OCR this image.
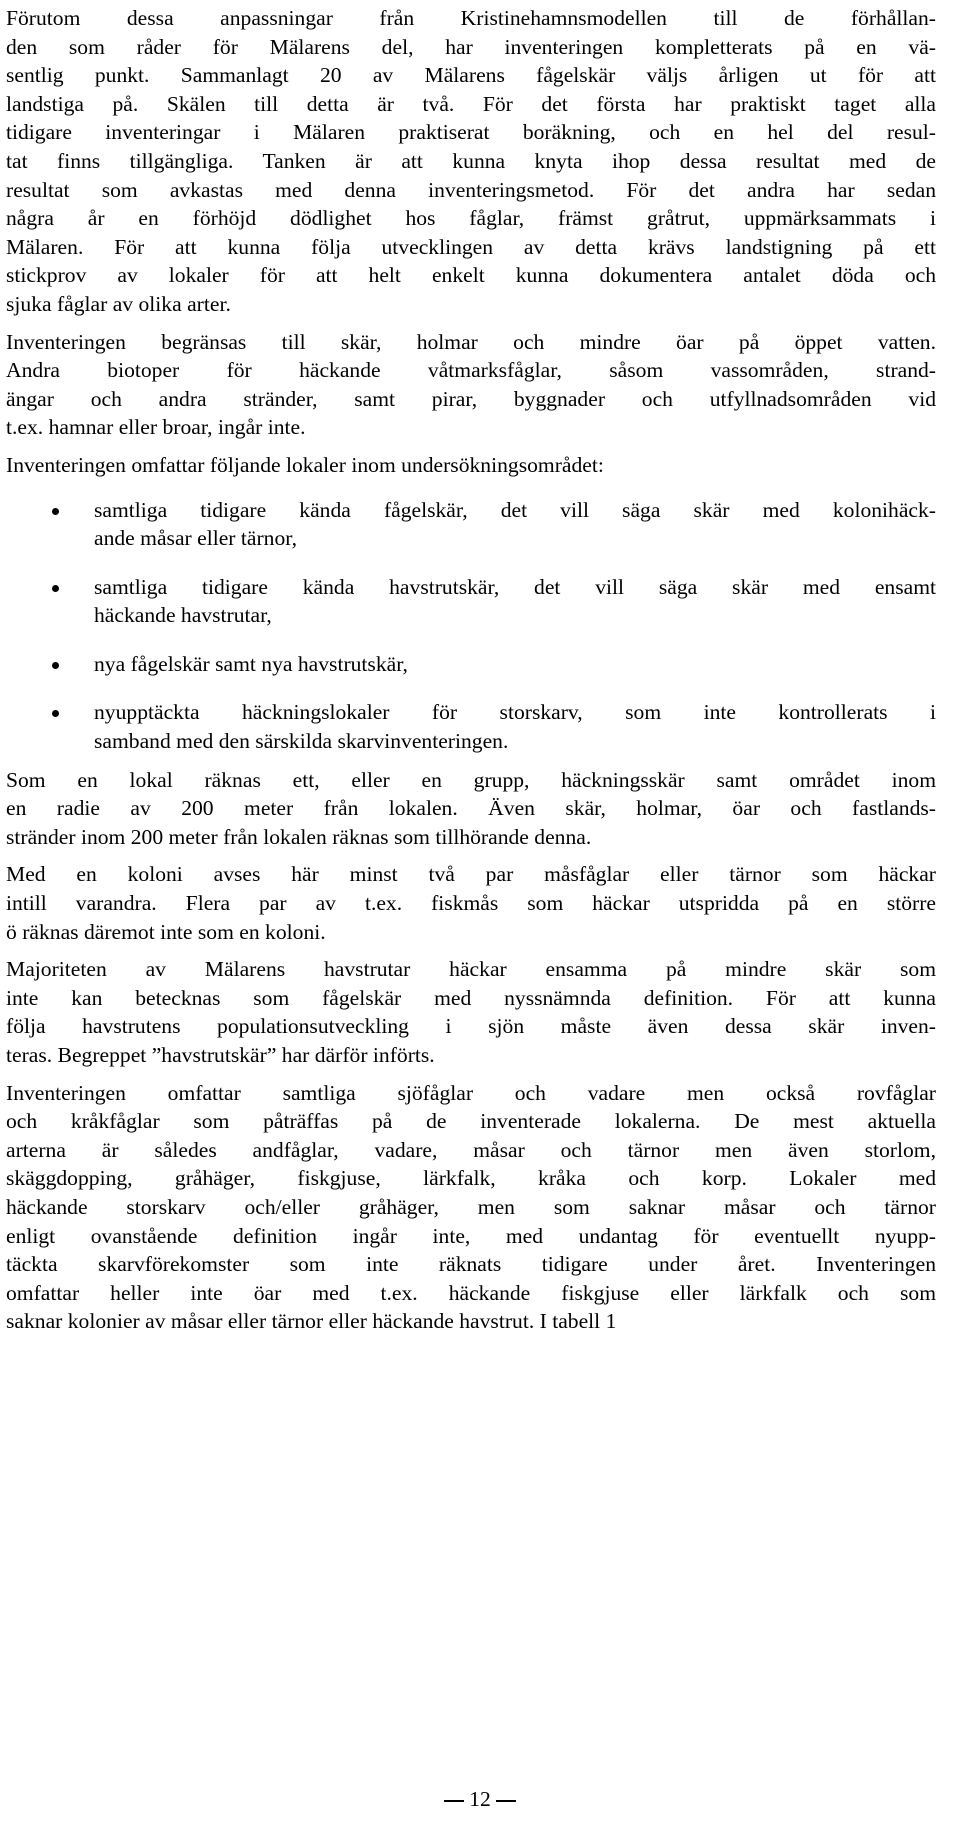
Förutom dessa anpassningar från Kristinehamnsmodellen till de förhållan-
den som råder för Mälarens del, har inventeringen kompletterats på en vä-
sentlig punkt. Sammanlagt 20 av Mälarens fågelskär väljs årligen ut för att
landstiga på. Skälen till detta är två. För det första har praktiskt taget alla
tidigare inventeringar i Mälaren praktiserat boräkning, och en hel del resul-
tat finns tillgängliga. Tanken är att kunna knyta ihop dessa resultat med de
resultat som avkastas med denna inventeringsmetod. För det andra har sedan
några år en förhöjd dödlighet hos fåglar, främst gråtrut, uppmärksammats i
Mälaren. För att kunna följa utvecklingen av detta krävs landstigning på ett
stickprov av lokaler för att helt enkelt kunna dokumentera antalet döda och
sjuka fåglar av olika arter.

Inventeringen begränsas till skär, holmar och mindre öar på öppet vatten.
Andra biotoper för häckande våtmarksfåglar, såsom vassområden, strand-
ängar och andra stränder, samt pirar, byggnader och utfyllnadsområden vid
t.ex. hamnar eller broar, ingår inte.

Inventeringen omfattar följande lokaler inom undersökningsområdet:

samtliga tidigare kända fågelskär, det vill säga skär med kolonihäck-
ande måsar eller tärnor,

samtliga tidigare kända havstrutskär, det vill säga skär med ensamt
häckande havstrutar,

nya fågelskär samt nya havstrutskär,

nyupptäckta häckningslokaler för storskarv, som inte kontrollerats i
samband med den särskilda skarvinventeringen.

Som en lokal räknas ett, eller en grupp, häckningsskär samt området inom
en radie av 200 meter från lokalen. Även skär, holmar, öar och fastlands-
stränder inom 200 meter från lokalen räknas som tillhörande denna.

Med en koloni avses här minst två par måsfåglar eller tärnor som häckar
intill varandra. Flera par av t.ex. fiskmås som häckar utspridda på en större
ö räknas däremot inte som en koloni.

Majoriteten av Mälarens havstrutar häckar ensamma på mindre skär som
inte kan betecknas som fågelskär med nyssnämnda definition. För att kunna
följa havstrutens populationsutveckling i sjön måste även dessa skär inven-
teras. Begreppet ”havstrutskär” har därför införts.

Inventeringen omfattar samtliga sjöfåglar och vadare men också rovfåglar
och kråkfåglar som påträffas på de inventerade lokalerna. De mest aktuella
arterna är således andfåglar, vadare, måsar och tärnor men även storlom,
skäggdopping, gråhäger, fiskgjuse, lärkfalk, kråka och korp. Lokaler med
häckande storskarv och/eller gråhäger, men som saknar måsar och tärnor
enligt ovanstående definition ingår inte, med undantag för eventuellt nyupp-
täckta skarvförekomster som inte räknats tidigare under året. Inventeringen
omfattar heller inte öar med t.ex. häckande fiskgjuse eller lärkfalk och som
saknar kolonier av måsar eller tärnor eller häckande havstrut. I tabell 1

12
